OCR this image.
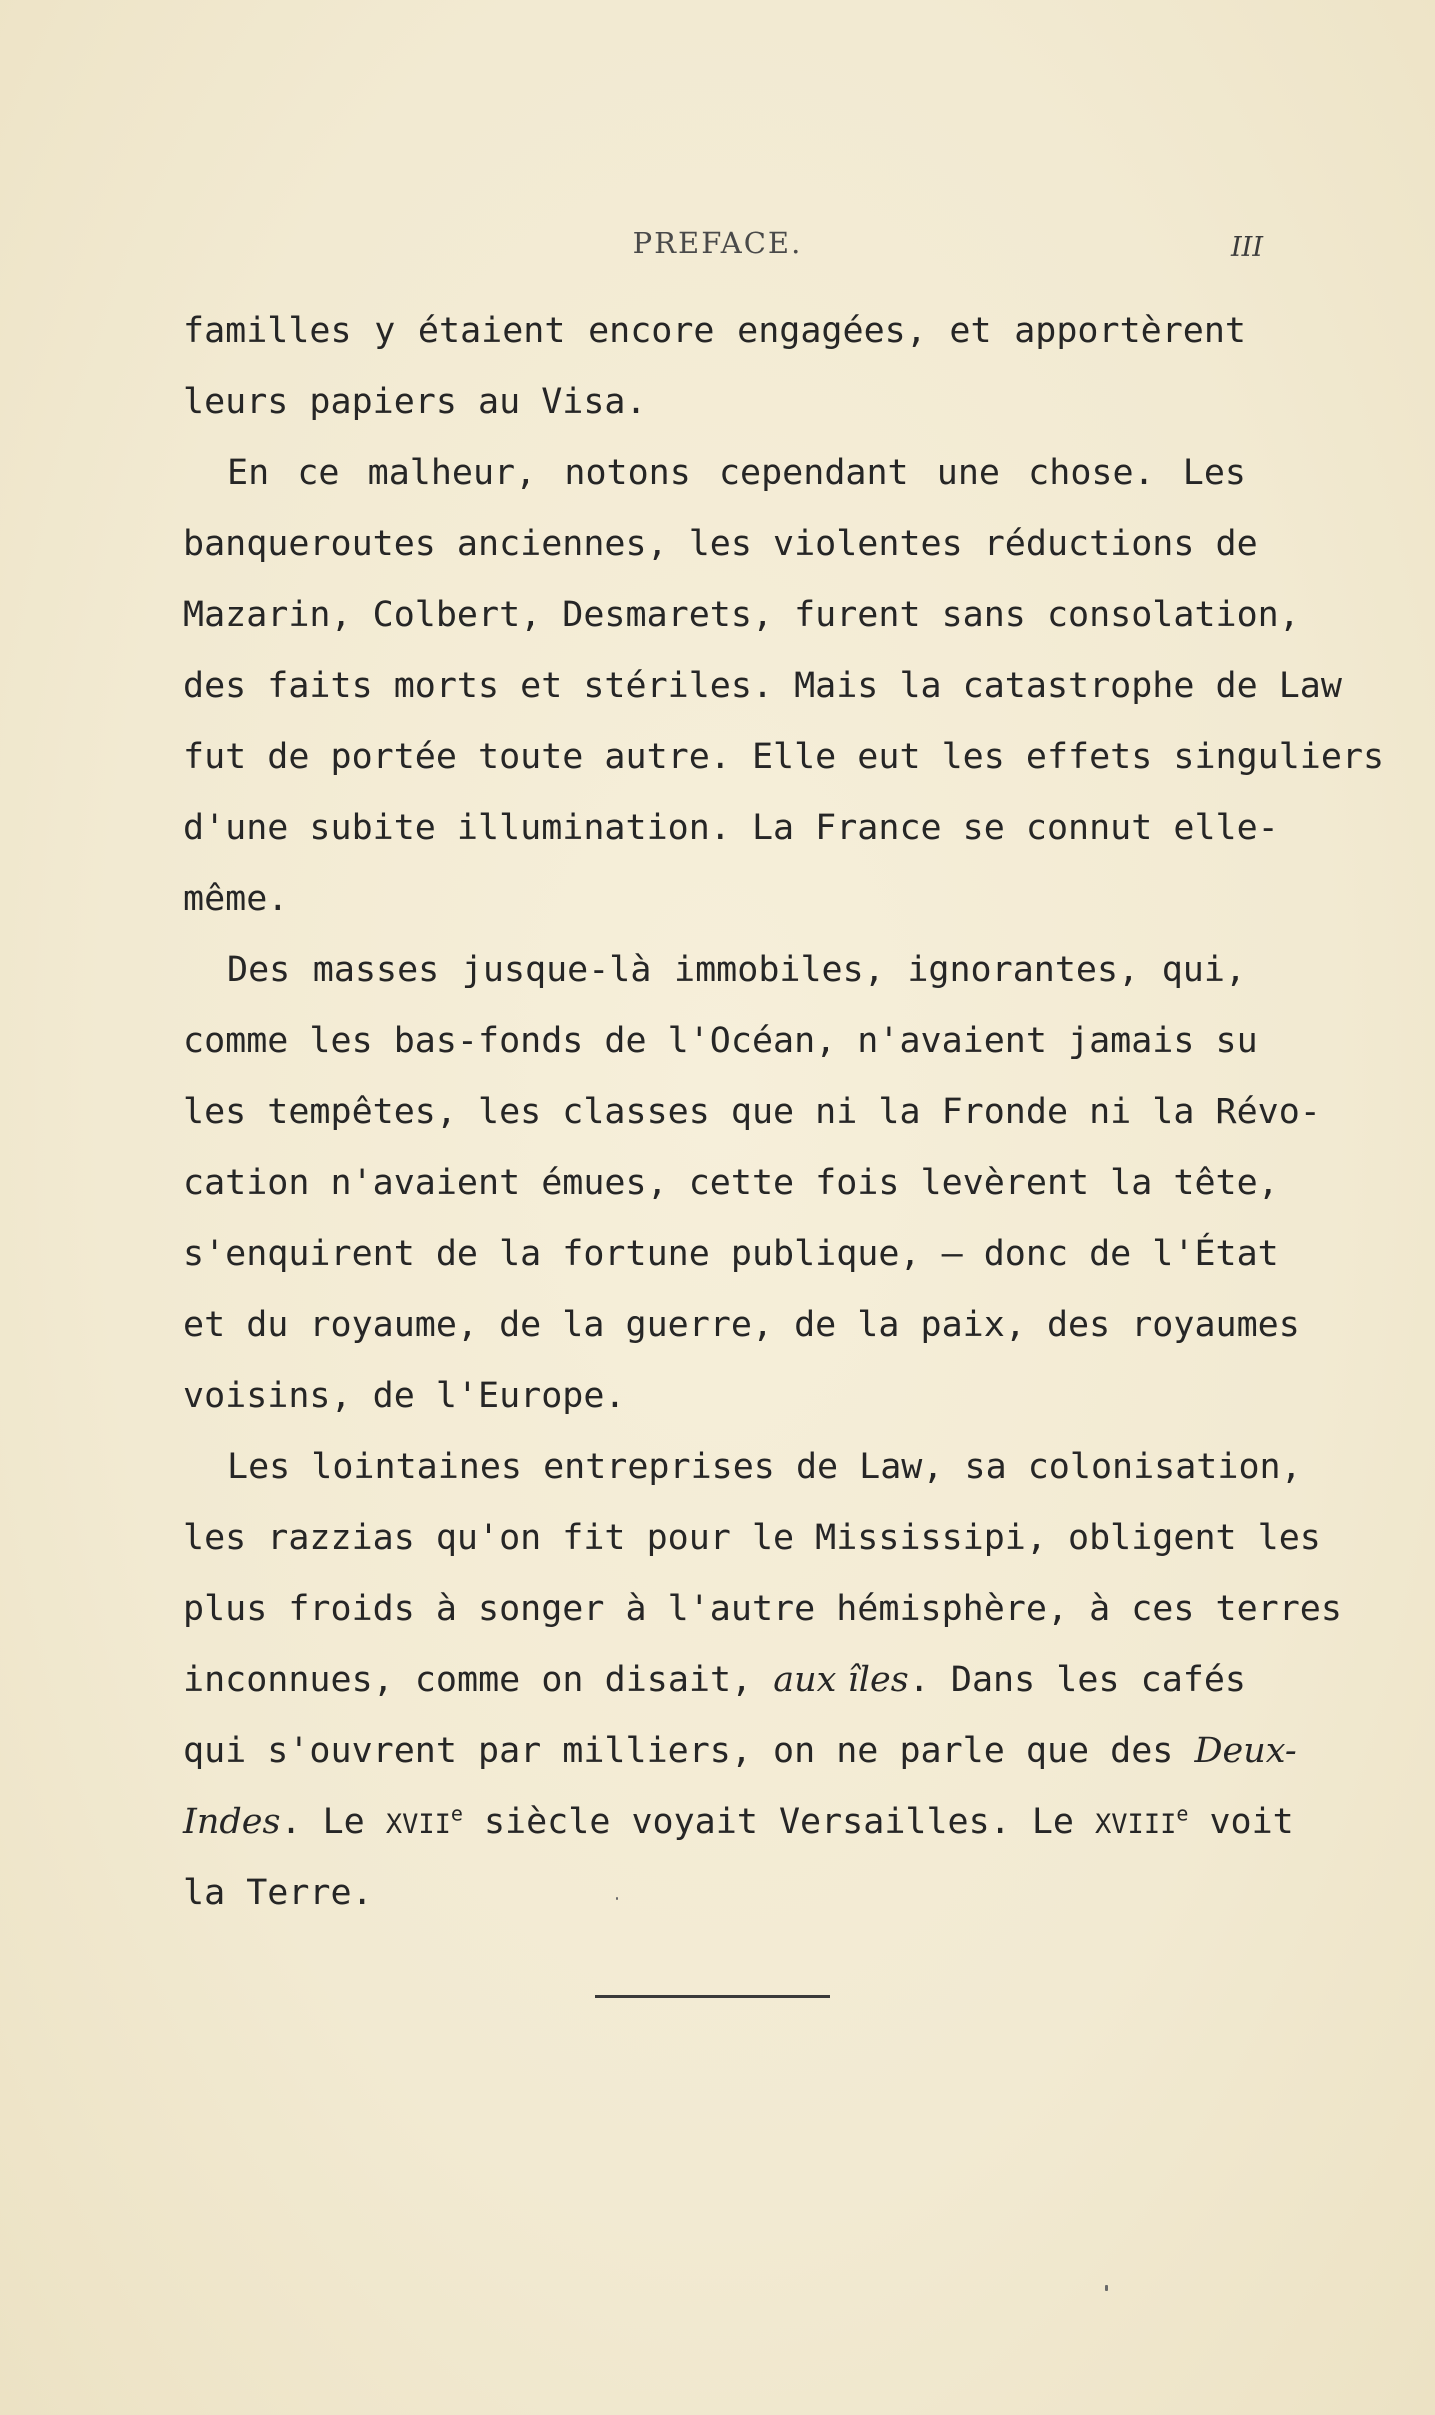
PREFACE.	III
familles y étaient encore engagées, et apportèrent
leurs papiers au Visa.
En ce malheur, notons cependant une chose. Les
banqueroutes anciennes, les violentes réductions de
Mazarin, Colbert, Desmarets, furent sans consolation,
des faits morts et stériles. Mais la catastrophe de Law
fut de portée toute autre. Elle eut les effets singuliers
d'une subite illumination. La France se connut elle-
même.
Des masses jusque-là immobiles, ignorantes, qui,
comme les bas-fonds de l'Océan, n'avaient jamais su
les tempêtes, les classes que ni la Fronde ni la Révo-
cation n'avaient émues, cette fois levèrent la tête,
s'enquirent de la fortune publique, — donc de l'État
et du royaume, de la guerre, de la paix, des royaumes
voisins, de l'Europe.
Les lointaines entreprises de Law, sa colonisation,
les razzias qu'on fit pour le Mississipi, obligent les
plus froids à songer à l'autre hémisphère, à ces terres
inconnues, comme on disait, aux îles. Dans les cafés
qui s'ouvrent par milliers, on ne parle que des Deux-
Indes. Le XVIIe siècle voyait Versailles. Le XVIIIe voit
la Terre.
